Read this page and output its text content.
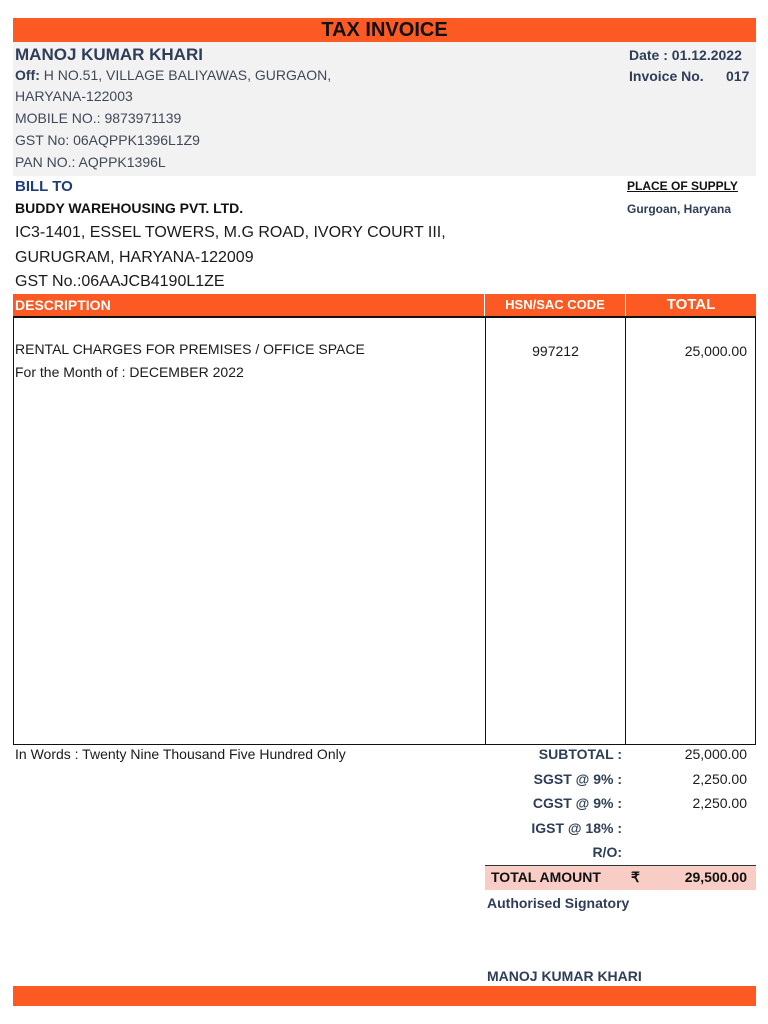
TAX INVOICE
MANOJ KUMAR KHARI
Off: H NO.51, VILLAGE BALIYAWAS, GURGAON,
HARYANA-122003
MOBILE NO.: 9873971139
GST No: 06AQPPK1396L1Z9
PAN NO.: AQPPK1396L
Date : 01.12.2022
Invoice No. 017
BILL TO
BUDDY WAREHOUSING PVT. LTD.
IC3-1401, ESSEL TOWERS, M.G ROAD, IVORY COURT III,
GURUGRAM, HARYANA-122009
GST No.:06AAJCB4190L1ZE
PLACE OF SUPPLY
Gurgoan, Haryana
DESCRIPTION	HSN/SAC CODE	TOTAL
RENTAL CHARGES FOR PREMISES / OFFICE SPACE
For the Month of : DECEMBER 2022
997212	25,000.00
In Words : Twenty Nine Thousand Five Hundred Only	SUBTOTAL :	25,000.00
SGST @ 9% :	2,250.00
CGST @ 9% :	2,250.00
IGST @ 18% :
R/O:
TOTAL AMOUNT ₹	29,500.00
Authorised Signatory
MANOJ KUMAR KHARI
